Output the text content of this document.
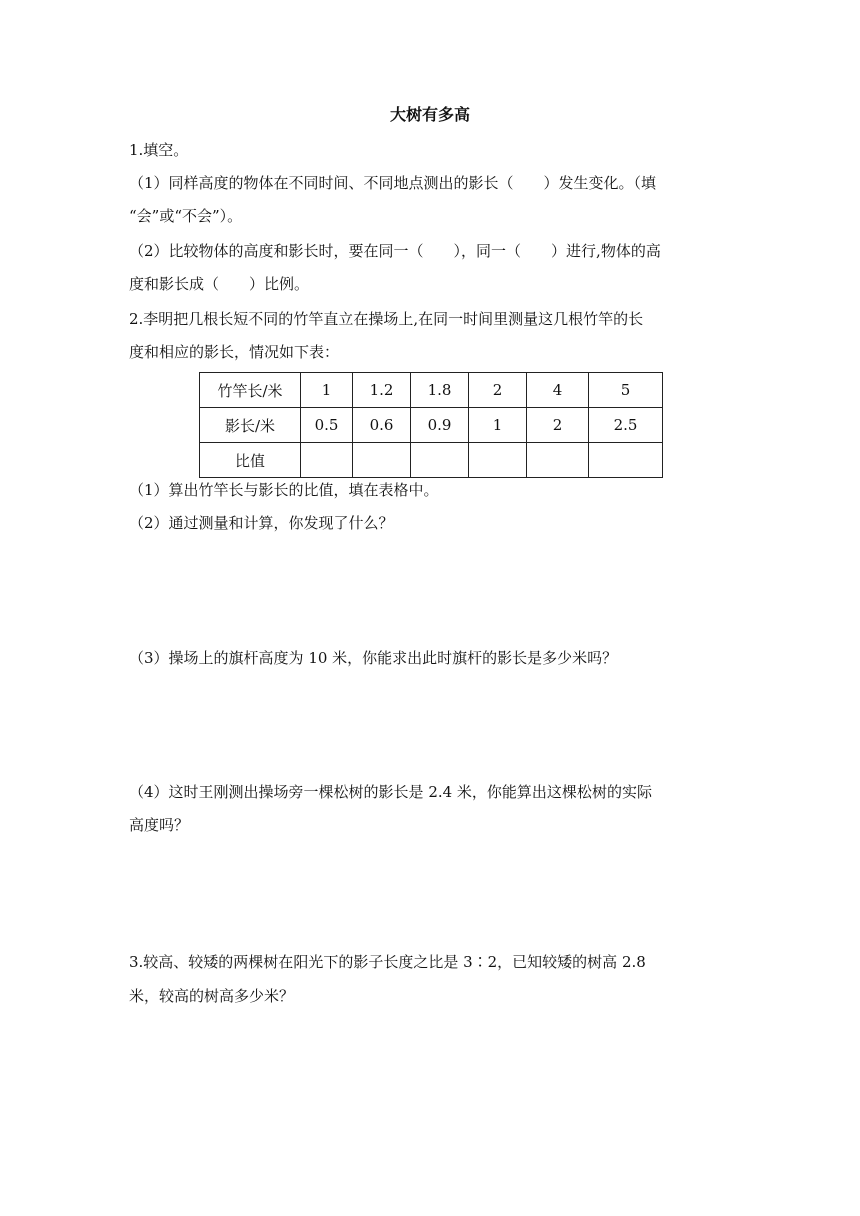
大树有多高
1.填空。
（1）同样高度的物体在不同时间、不同地点测出的影长（　　）发生变化。（填
“会”或“不会”）。
（2）比较物体的高度和影长时，要在同一（　　），同一（　　）进行,物体的高
度和影长成（　　）比例。
2.李明把几根长短不同的竹竿直立在操场上,在同一时间里测量这几根竹竿的长
度和相应的影长，情况如下表：
竹竿长/米	1	1.2	1.8	2	4	5
影长/米	0.5	0.6	0.9	1	2	2.5
比值						
（1）算出竹竿长与影长的比值，填在表格中。
（2）通过测量和计算，你发现了什么？
（3）操场上的旗杆高度为 10 米，你能求出此时旗杆的影长是多少米吗？
（4）这时王刚测出操场旁一棵松树的影长是 2.4 米，你能算出这棵松树的实际
高度吗？
3.较高、较矮的两棵树在阳光下的影子长度之比是 3∶2，已知较矮的树高 2.8
米，较高的树高多少米？
